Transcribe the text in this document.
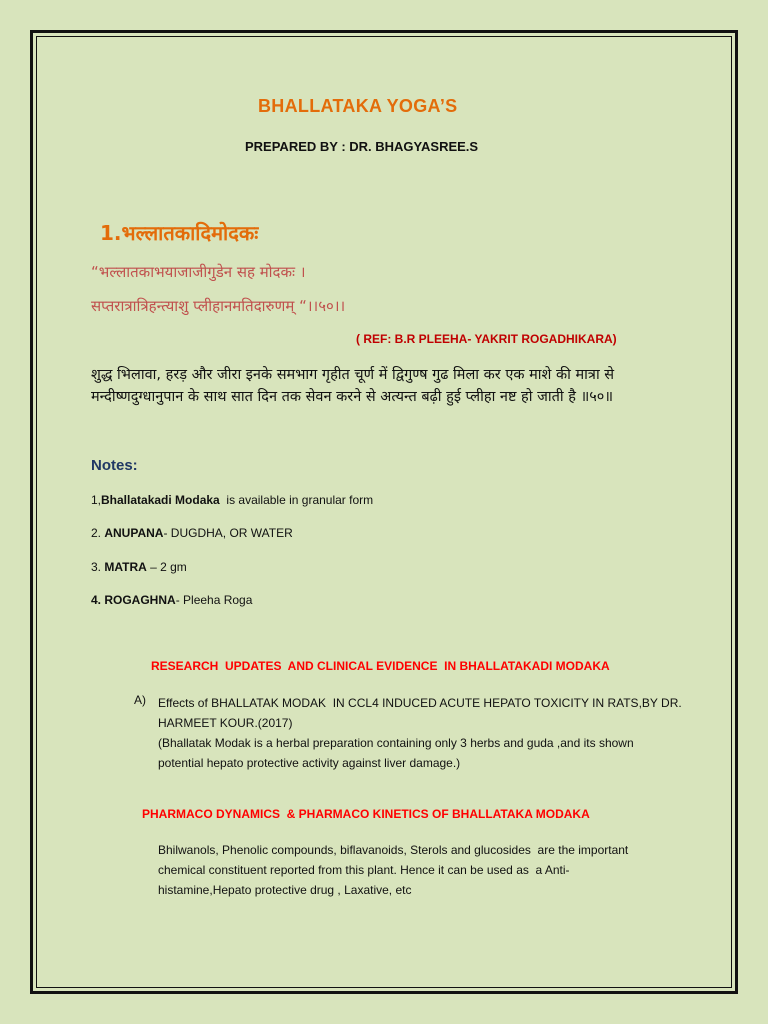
BHALLATAKA YOGA’S
PREPARED BY : DR. BHAGYASREE.S
1.भल्लातकादिमोदकः
“भल्लातकाभयाजाजीगुडेन सह मोदकः ।
सप्तरात्रात्रिहन्त्याशु प्लीहानमतिदारुणम् “।।५०।।
( REF: B.R PLEEHA- YAKRIT ROGADHIKARA)
शुद्ध भिलावा, हरड़ और जीरा इनके समभाग गृहीत चूर्ण में द्विगुण्ष गुढ मिला कर एक माशे की मात्रा से
मन्दीष्णदुग्धानुपान के साथ सात दिन तक सेवन करने से अत्यन्त बढ़ी हुई प्लीहा नष्ट हो जाती है ॥५०॥
Notes:
1,Bhallatakadi Modaka  is available in granular form
2. ANUPANA- DUGDHA, OR WATER
3. MATRA – 2 gm
4. ROGAGHNA- Pleeha Roga
RESEARCH  UPDATES  AND CLINICAL EVIDENCE  IN BHALLATAKADI MODAKA
A) Effects of BHALLATAK MODAK  IN CCL4 INDUCED ACUTE HEPATO TOXICITY IN RATS,BY DR.
HARMEET KOUR.(2017)
(Bhallatak Modak is a herbal preparation containing only 3 herbs and guda ,and its shown
potential hepato protective activity against liver damage.)
PHARMACO DYNAMICS  & PHARMACO KINETICS OF BHALLATAKA MODAKA
Bhilwanols, Phenolic compounds, biflavanoids, Sterols and glucosides  are the important
chemical constituent reported from this plant. Hence it can be used as  a Anti-
histamine,Hepato protective drug , Laxative, etc
